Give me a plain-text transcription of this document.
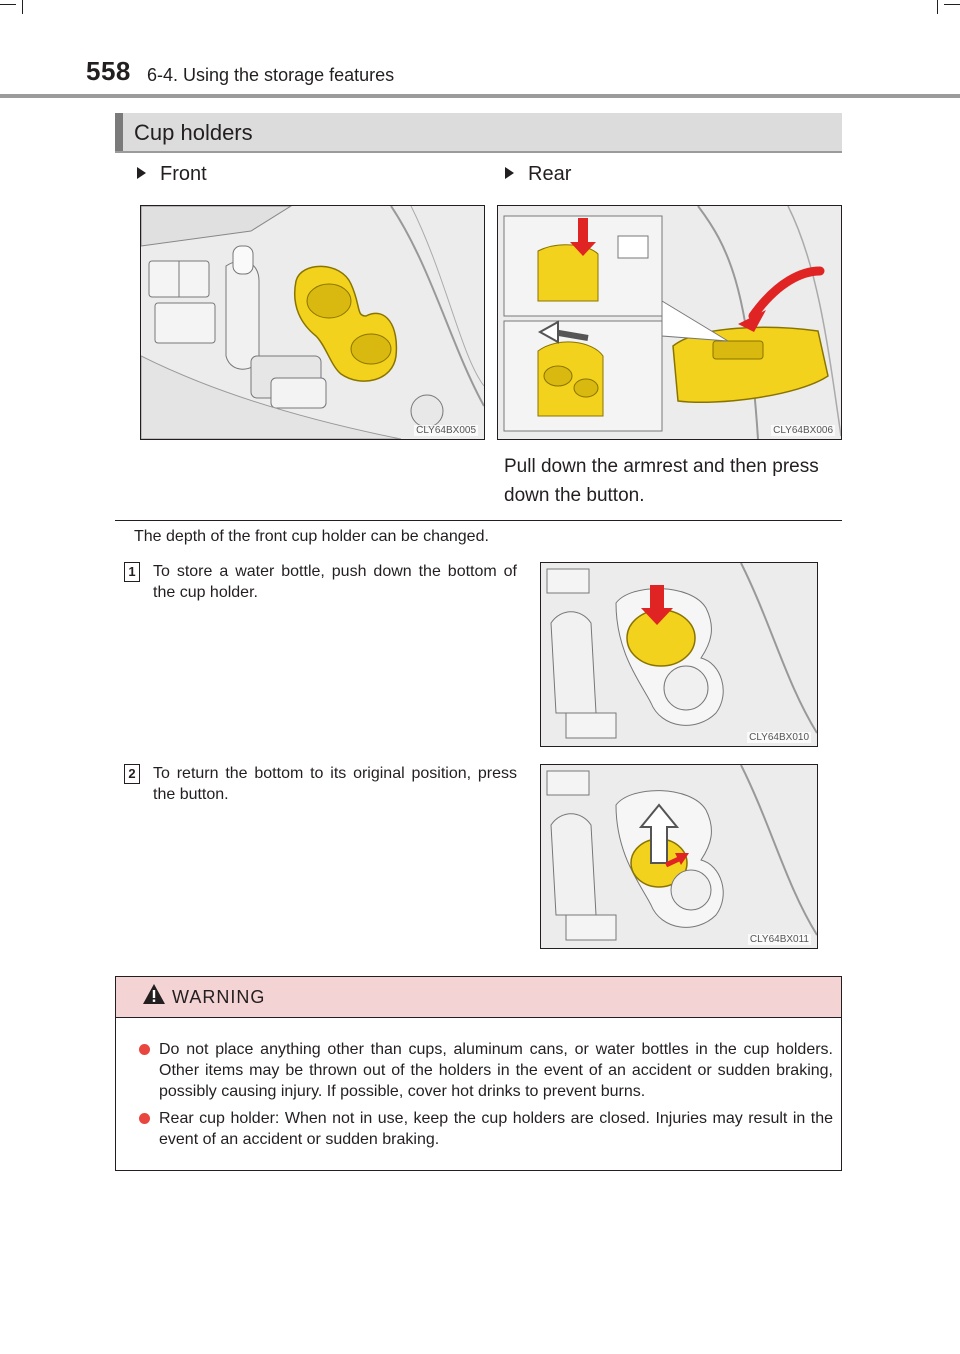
558 6-4. Using the storage features
Cup holders
Front	Rear
CLY64BX005	CLY64BX006
Pull down the armrest and then press down the button.
The depth of the front cup holder can be changed.
1 To store a water bottle, push down the bottom of the cup holder.
CLY64BX010
2 To return the bottom to its original position, press the button.
CLY64BX011
WARNING
Do not place anything other than cups, aluminum cans, or water bottles in the cup holders. Other items may be thrown out of the holders in the event of an accident or sudden braking, possibly causing injury. If possible, cover hot drinks to prevent burns.
Rear cup holder: When not in use, keep the cup holders are closed. Injuries may result in the event of an accident or sudden braking.
